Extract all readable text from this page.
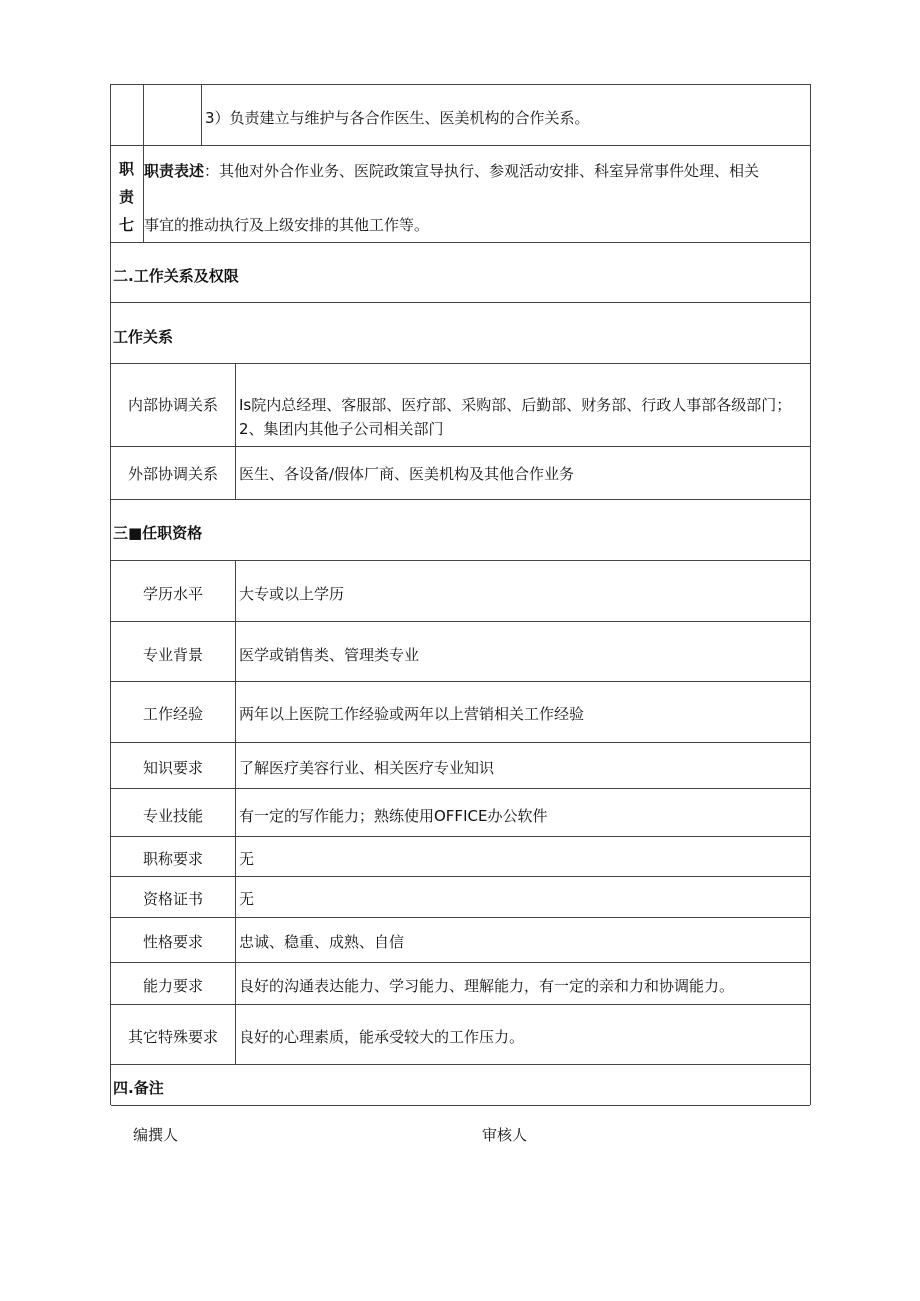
3）负责建立与维护与各合作医生、医美机构的合作关系。
职
责
七
职责表述：其他对外合作业务、医院政策宣导执行、参观活动安排、科室异常事件处理、相关
事宜的推动执行及上级安排的其他工作等。
二.工作关系及权限
工作关系
内部协调关系	Is院内总经理、客服部、医疗部、采购部、后勤部、财务部、行政人事部各级部门；
2、集团内其他子公司相关部门
外部协调关系	医生、各设备/假体厂商、医美机构及其他合作业务
三■任职资格
学历水平	大专或以上学历
专业背景	医学或销售类、管理类专业
工作经验	两年以上医院工作经验或两年以上营销相关工作经验
知识要求	了解医疗美容行业、相关医疗专业知识
专业技能	有一定的写作能力；熟练使用OFFICE办公软件
职称要求	无
资格证书	无
性格要求	忠诚、稳重、成熟、自信
能力要求	良好的沟通表达能力、学习能力、理解能力，有一定的亲和力和协调能力。
其它特殊要求	良好的心理素质，能承受较大的工作压力。
四.备注
编撰人	审核人
